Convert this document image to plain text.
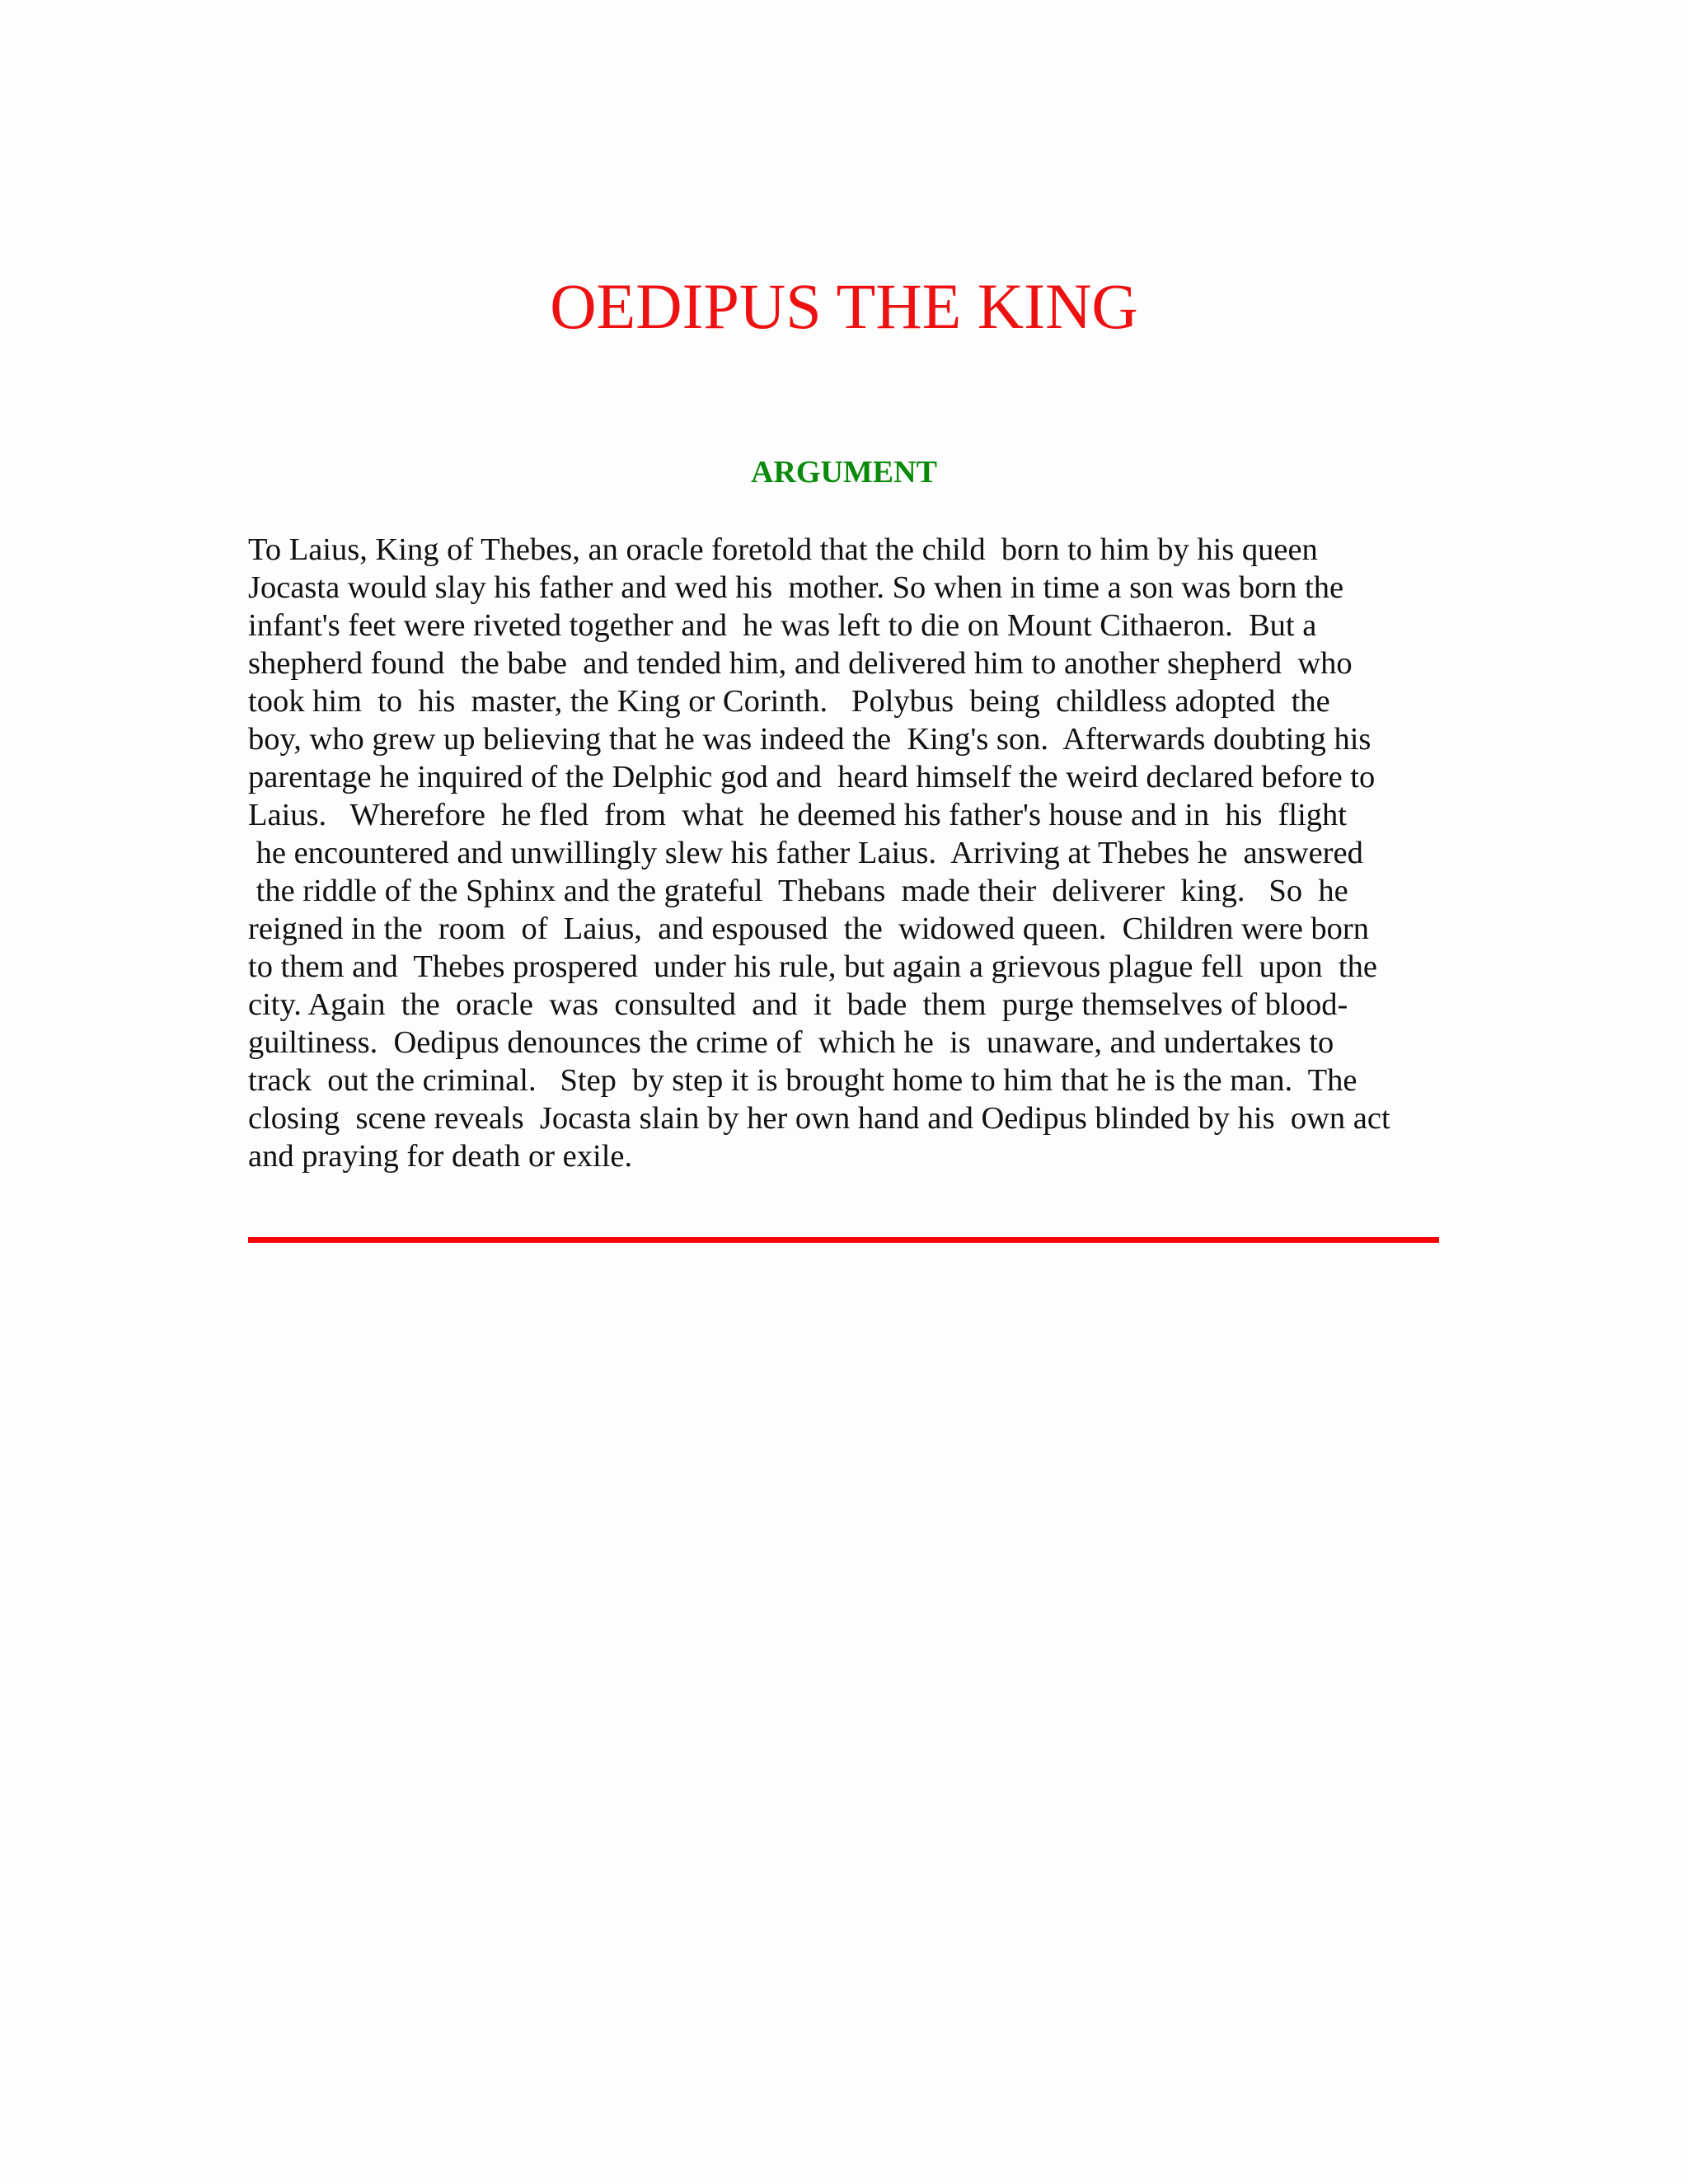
OEDIPUS THE KING
ARGUMENT
To Laius, King of Thebes, an oracle foretold that the child  born to him by his queen
Jocasta would slay his father and wed his  mother. So when in time a son was born the
infant's feet were riveted together and  he was left to die on Mount Cithaeron.  But a
shepherd found  the babe  and tended him, and delivered him to another shepherd  who
took him  to  his  master, the King or Corinth.   Polybus  being  childless adopted  the
boy, who grew up believing that he was indeed the  King's son.  Afterwards doubting his
parentage he inquired of the Delphic god and  heard himself the weird declared before to
Laius.   Wherefore  he fled  from  what  he deemed his father's house and in  his  flight
he encountered and unwillingly slew his father Laius.  Arriving at Thebes he  answered
the riddle of the Sphinx and the grateful  Thebans  made their  deliverer  king.   So  he
reigned in the  room  of  Laius,  and espoused  the  widowed queen.  Children were born
to them and  Thebes prospered  under his rule, but again a grievous plague fell  upon  the
city. Again  the  oracle  was  consulted  and  it  bade  them  purge themselves of blood-
guiltiness.  Oedipus denounces the crime of  which he  is  unaware, and undertakes to
track  out the criminal.   Step  by step it is brought home to him that he is the man.  The
closing  scene reveals  Jocasta slain by her own hand and Oedipus blinded by his  own act
and praying for death or exile.
